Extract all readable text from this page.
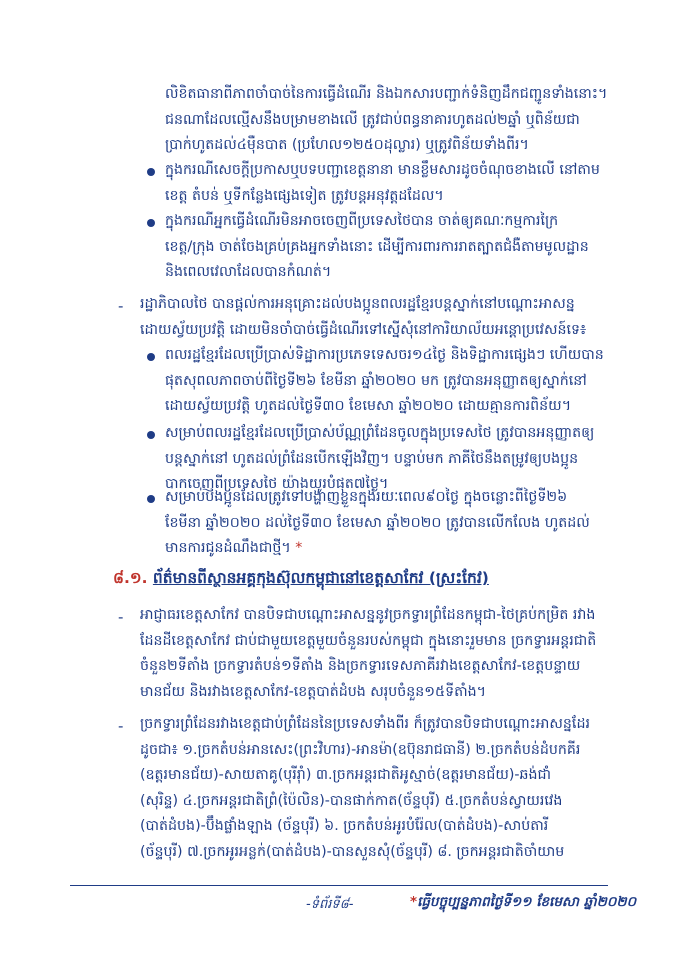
លិខិតធានាពីភាពចាំបាច់នៃការធ្វើដំណើរ និងឯកសារបញ្ជាក់ទំនិញដឹកជញ្ជូនទាំងនោះ។
ជនណាដែលល្មើសនឹងបម្រាមខាងលើ ត្រូវជាប់ពន្ធនាគារហូតដល់២ឆ្នាំ ឬពិន័យជា
ប្រាក់ហូតដល់៤ម៉ឺនបាត (ប្រហែល១២៥០ដុល្លារ) ឬត្រូវពិន័យទាំងពីរ។
ក្នុងករណីសេចក្តីប្រកាសឬបទបញ្ជាខេត្តនានា មានខ្លឹមសារដូចចំណុចខាងលើ នៅតាម
ខេត្ត តំបន់ ឬទីកន្លែងផ្សេងទៀត ត្រូវបន្តអនុវត្តដដែល។
ក្នុងករណីអ្នកធ្វើដំណើរមិនអាចចេញពីប្រទេសថៃបាន ចាត់ឲ្យគណៈកម្មការក្រៃ
ខេត្ត/ក្រុង ចាត់ចែងគ្រប់គ្រងអ្នកទាំងនោះ ដើម្បីការពារការរាតត្បាតជំងឺតាមមូលដ្ឋាន
និងពេលវេលាដែលបានកំណត់។
- រដ្ឋាភិបាលថៃ បានផ្តល់ការអនុគ្រោះដល់បងប្អូនពលរដ្ឋខ្មែរបន្តស្នាក់នៅបណ្តោះអាសន្ន
ដោយស្វ័យប្រវត្តិ ដោយមិនចាំបាច់ធ្វើដំណើរទៅស្នើសុំនៅការិយាល័យអន្តោប្រវេសន៍ទេ៖
ពលរដ្ឋខ្មែរដែលប្រើប្រាស់ទិដ្ឋាការប្រភេទទេសចរ១៤ថ្ងៃ និងទិដ្ឋាការផ្សេងៗ ហើយបាន
ផុតសុពលភាពចាប់ពីថ្ងៃទី២៦ ខែមីនា ឆ្នាំ២០២០ មក ត្រូវបានអនុញ្ញាតឲ្យស្នាក់នៅ
ដោយស្វ័យប្រវត្តិ ហូតដល់ថ្ងៃទី៣០ ខែមេសា ឆ្នាំ២០២០ ដោយគ្មានការពិន័យ។
សម្រាប់ពលរដ្ឋខ្មែរដែលប្រើប្រាស់ប័ណ្ណព្រំដែនចូលក្នុងប្រទេសថៃ ត្រូវបានអនុញ្ញាតឲ្យ
បន្តស្នាក់នៅ ហូតដល់ព្រំដែនបើកឡើងវិញ។ បន្ទាប់មក ភាគីថៃនឹងតម្រូវឲ្យបងប្អូន
បាកចេញពីប្រទេសថៃ យ៉ាងយូរបំផុត៧ថ្ងៃ។
សម្រាប់បងប្អូនដែលត្រូវទៅបង្ហាញខ្លួនក្នុងរយៈពេល៩០ថ្ងៃ ក្នុងចន្លោះពីថ្ងៃទី២៦
ខែមីនា ឆ្នាំ២០២០ ដល់ថ្ងៃទី៣០ ខែមេសា ឆ្នាំ២០២០ ត្រូវបានលើកលែង ហូតដល់
មានការជូនដំណឹងជាថ្មី។ *
៨.១. ព័ត៌មានពីស្ថានអគ្គកុងស៊ុលកម្ពុជានៅខេត្តសាកែវ (ស្រះកែវ)
- អាជ្ញាធរខេត្តសាកែវ បានបិទជាបណ្តោះអាសន្ននូវច្រកទ្វារព្រំដែនកម្ពុជា-ថៃគ្រប់កម្រិត រវាង
ដែនដីខេត្តសាកែវ ជាប់ជាមួយខេត្តមួយចំនួនរបស់កម្ពុជា ក្នុងនោះរួមមាន ច្រកទ្វារអន្តរជាតិ
ចំនួន២ទីតាំង ច្រកទ្វារតំបន់១ទីតាំង និងច្រកទ្វារទេសភាគីរវាងខេត្តសាកែវ-ខេត្តបន្ទាយ
មានជ័យ និងរវាងខេត្តសាកែវ-ខេត្តបាត់ដំបង សរុបចំនួន១៥ទីតាំង។
- ច្រកទ្វារព្រំដែនរវាងខេត្តជាប់ព្រំដែននៃប្រទេសទាំងពីរ ក៏ត្រូវបានបិទជាបណ្តោះអាសន្នដែរ
ដូចជា៖ ១.ច្រកតំបន់អានសេះ(ព្រះវិហារ)-អានម៉ា(ឧប៊ុនរាជធានី) ២.ច្រកតំបន់ដំបកគីរ
(ឧត្តរមានជ័យ)-សាយតាគូ(បុរីរ៉ាំ) ៣.ច្រកអន្តរជាតិអូស្មាច់(ឧត្តរមានជ័យ)-ឆង់ជាំ
(សុរិន្ទ) ៤.ច្រកអន្តរជាតិព្រំ(ប៉ៃលិន)-បានផាក់កាត(ច័ន្ទបុរី) ៥.ច្រកតំបន់ស្វាយរវេង
(បាត់ដំបង)-ប៊ឹងផ្លាំងឡាង (ច័ន្ទបុរី) ៦. ច្រកតំបន់អូរបំរ៉ែល(បាត់ដំបង)-សាប់តារី
(ច័ន្ទបុរី) ៧.ច្រកអូរអន្លក់(បាត់ដំបង)-បានសួនសុំ(ច័ន្ទបុរី) ៨. ច្រកអន្តរជាតិចាំយាម
-ទំព័រទី៨-	*ធ្វើបច្ចុប្បន្នភាពថ្ងៃទី១១ ខែមេសា ឆ្នាំ២០២០
